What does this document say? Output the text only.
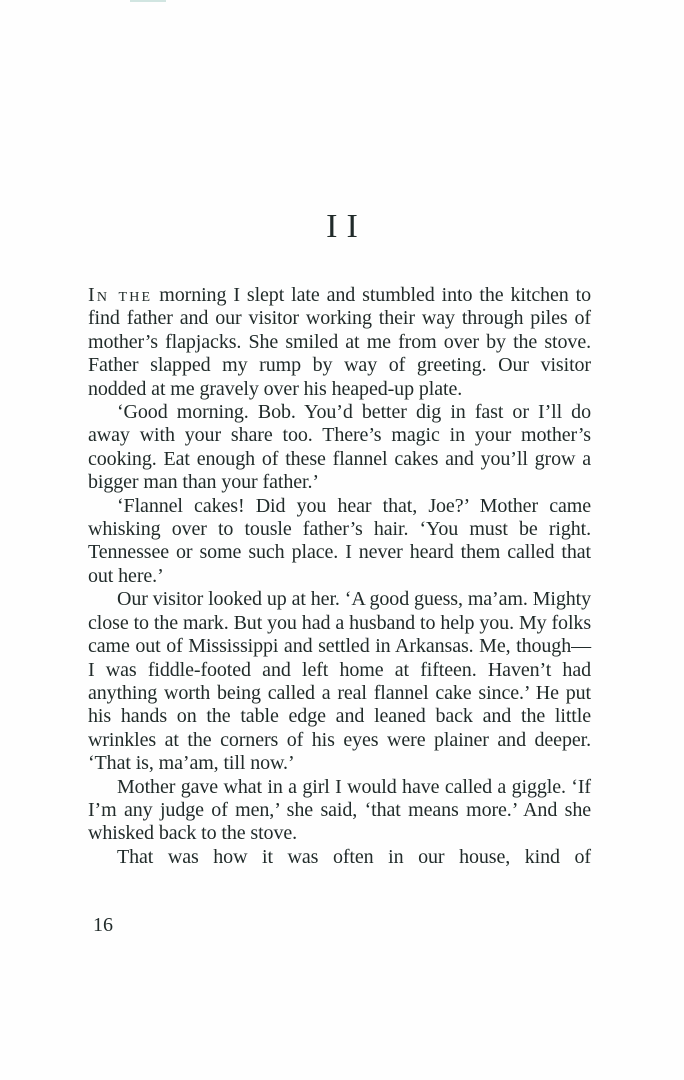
II

In the morning I slept late and stumbled into the kitchen to find father and our visitor working their way through piles of mother’s flapjacks. She smiled at me from over by the stove. Father slapped my rump by way of greeting. Our visitor nodded at me gravely over his heaped-up plate.

‘Good morning. Bob. You’d better dig in fast or I’ll do away with your share too. There’s magic in your mother’s cooking. Eat enough of these flannel cakes and you’ll grow a bigger man than your father.’

‘Flannel cakes! Did you hear that, Joe?’ Mother came whisking over to tousle father’s hair. ‘You must be right. Tennessee or some such place. I never heard them called that out here.’

Our visitor looked up at her. ‘A good guess, ma’am. Mighty close to the mark. But you had a husband to help you. My folks came out of Mississippi and settled in Arkansas. Me, though—I was fiddle-footed and left home at fifteen. Haven’t had anything worth being called a real flannel cake since.’ He put his hands on the table edge and leaned back and the little wrinkles at the corners of his eyes were plainer and deeper. ‘That is, ma’am, till now.’

Mother gave what in a girl I would have called a giggle. ‘If I’m any judge of men,’ she said, ‘that means more.’ And she whisked back to the stove.

That was how it was often in our house, kind of

16
